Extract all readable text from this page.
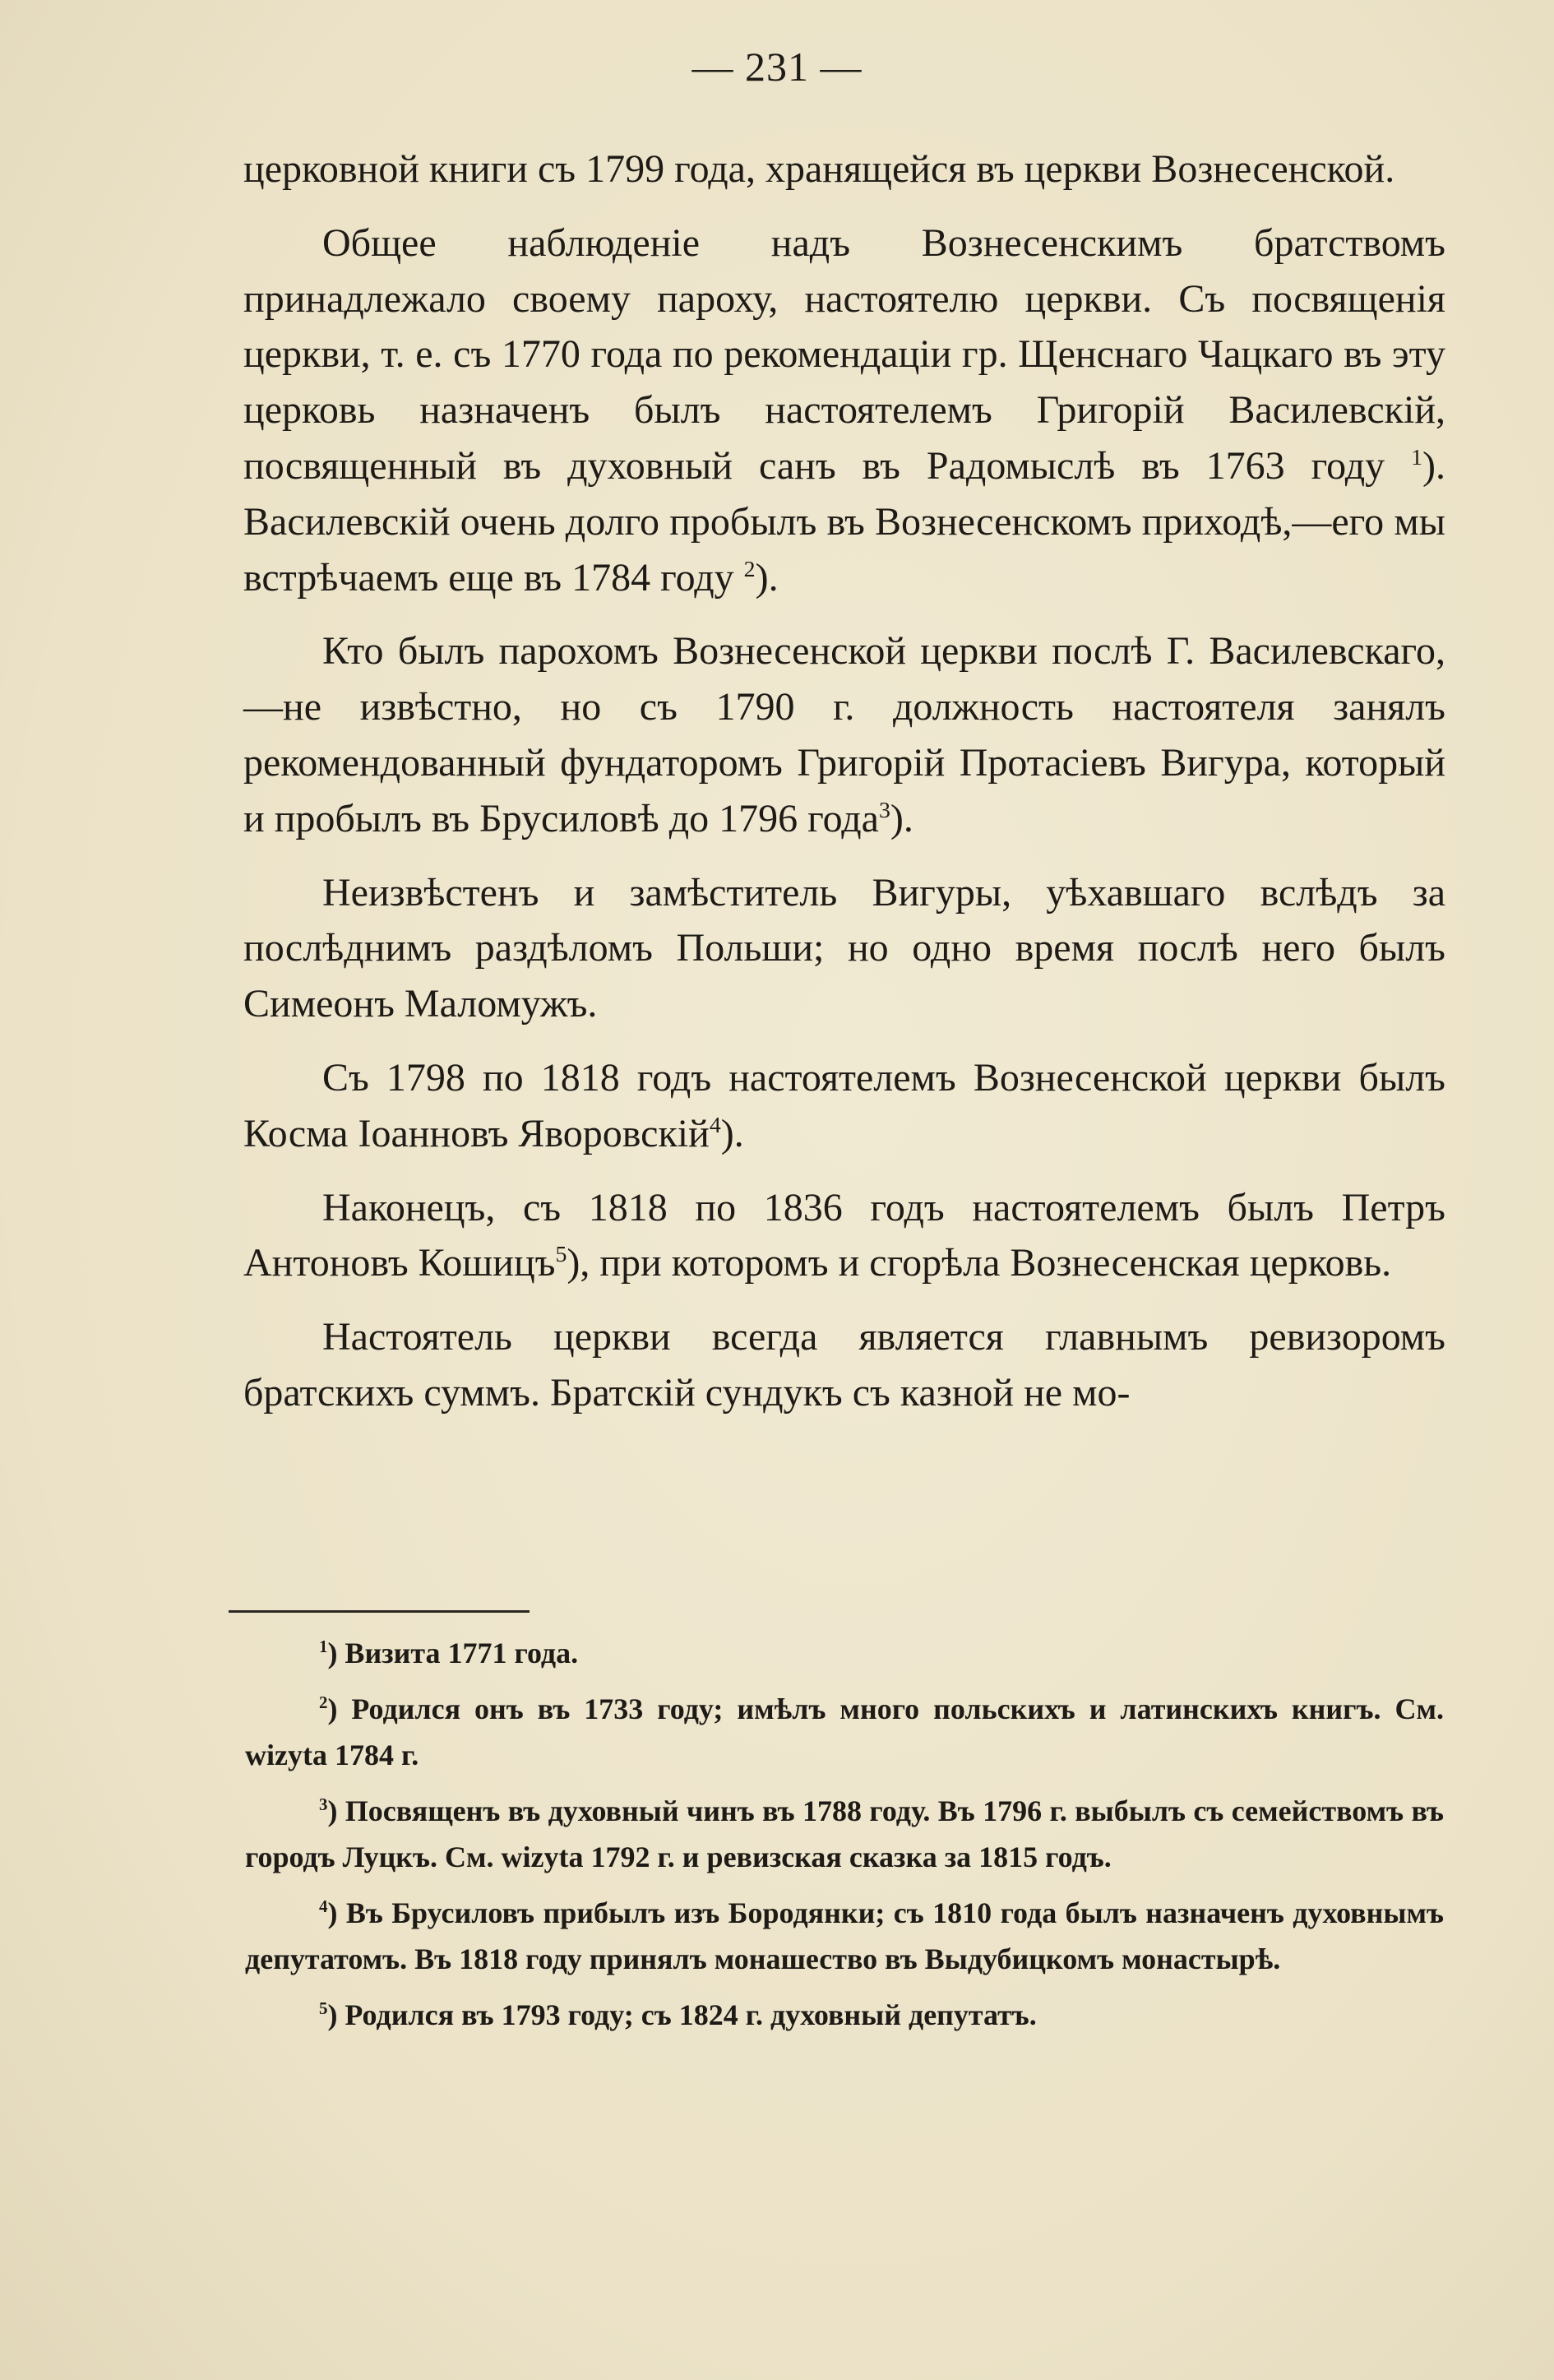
— 231 —

церковной книги съ 1799 года, хранящейся въ церкви Вознесенской.

Общее наблюденіе надъ Вознесенскимъ братствомъ принадлежало своему пароху, настоятелю церкви. Съ посвященія церкви, т. е. съ 1770 года по рекомендаціи гр. Щенснаго Чацкаго въ эту церковь назначенъ былъ настоятелемъ Григорій Василевскій, посвященный въ духовный санъ въ Радомыслѣ въ 1763 году $^1$). Василевскій очень долго пробылъ въ Вознесенскомъ приходѣ,—его мы встрѣчаемъ еще въ 1784 году $^2$).

Кто былъ парохомъ Вознесенской церкви послѣ Г. Василевскаго,—не извѣстно, но съ 1790 г. должность настоятеля занялъ рекомендованный фундаторомъ Григорій Протасіевъ Вигура, который и пробылъ въ Брусиловѣ до 1796 года$^3$).

Неизвѣстенъ и замѣститель Вигуры, уѣхавшаго вслѣдъ за послѣднимъ раздѣломъ Польши; но одно время послѣ него былъ Симеонъ Маломужъ.

Съ 1798 по 1818 годъ настоятелемъ Вознесенской церкви былъ Косма Іоанновъ Яворовскій$^4$).

Наконецъ, съ 1818 по 1836 годъ настоятелемъ былъ Петръ Антоновъ Кошицъ$^5$), при которомъ и сгорѣла Вознесенская церковь.

Настоятель церкви всегда является главнымъ ревизоромъ братскихъ суммъ. Братскій сундукъ съ казной не мо-

$^1$) Визита 1771 года.

$^2$) Родился онъ въ 1733 году; имѣлъ много польскихъ и латинскихъ книгъ. См. wizyta 1784 г.

$^3$) Посвященъ въ духовный чинъ въ 1788 году. Въ 1796 г. выбылъ съ семействомъ въ городъ Луцкъ. См. wizyta 1792 г. и ревизская сказка за 1815 годъ.

$^4$) Въ Брусиловъ прибылъ изъ Бородянки; съ 1810 года былъ назначенъ духовнымъ депутатомъ. Въ 1818 году принялъ монашество въ Выдубицкомъ монастырѣ.

$^5$) Родился въ 1793 году; съ 1824 г. духовный депутатъ.
